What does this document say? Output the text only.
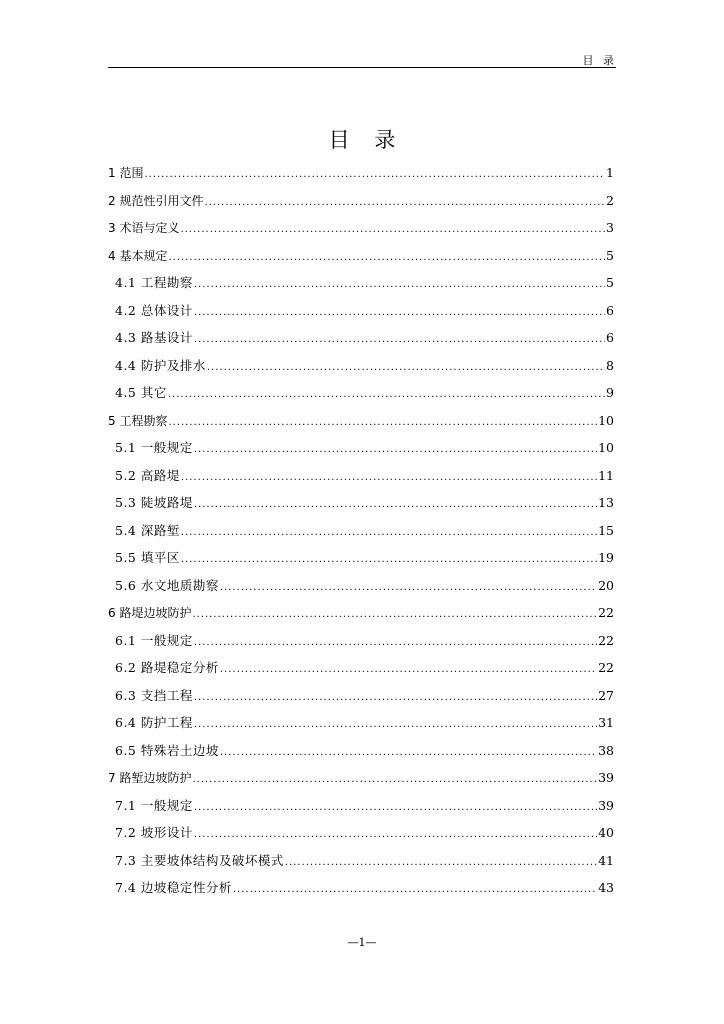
目 录
目 录
1 范围 .....	1
2 规范性引用文件 .....	2
3 术语与定义 .....	3
4 基本规定 .....	5
4.1 工程勘察 .....	5
4.2 总体设计 .....	6
4.3 路基设计 .....	6
4.4 防护及排水 .....	8
4.5 其它 .....	9
5 工程勘察 .....	10
5.1 一般规定 .....	10
5.2 高路堤 .....	11
5.3 陡坡路堤 .....	13
5.4 深路堑 .....	15
5.5 填平区 .....	19
5.6 水文地质勘察 .....	20
6 路堤边坡防护 .....	22
6.1 一般规定 .....	22
6.2 路堤稳定分析 .....	22
6.3 支挡工程 .....	27
6.4 防护工程 .....	31
6.5 特殊岩土边坡 .....	38
7 路堑边坡防护 .....	39
7.1 一般规定 .....	39
7.2 坡形设计 .....	40
7.3 主要坡体结构及破坏模式 .....	41
7.4 边坡稳定性分析 .....	43
—1—
